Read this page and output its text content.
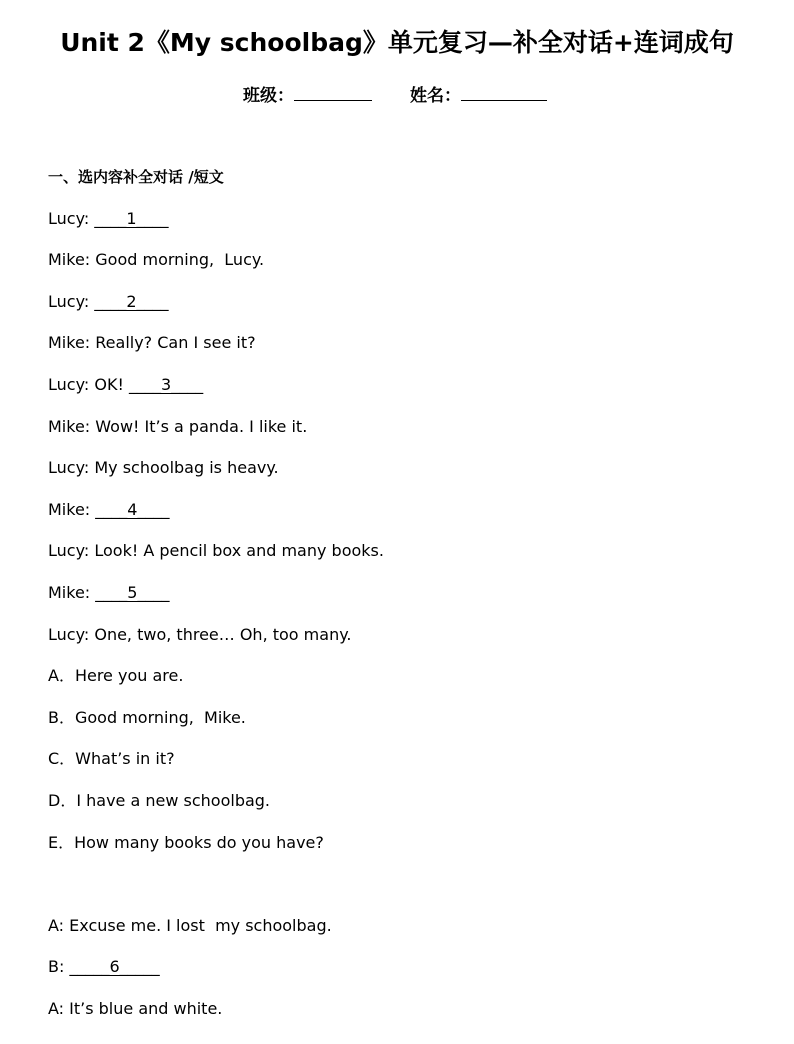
Unit 2《My schoolbag》单元复习—补全对话+连词成句
班级：	姓名：
一、选内容补全对话 /短文
Lucy: ____1____
Mike: Good morning,  Lucy.
Lucy: ____2____
Mike: Really? Can I see it?
Lucy: OK! ____3____
Mike: Wow! It’s a panda. I like it.
Lucy: My schoolbag is heavy.
Mike: ____4____
Lucy: Look! A pencil box and many books.
Mike: ____5____
Lucy: One, two, three… Oh, too many.
A．Here you are.
B．Good morning,  Mike.
C．What’s in it?
D．I have a new schoolbag.
E．How many books do you have?
A: Excuse me. I lost  my schoolbag.
B: _____6_____
A: It’s blue and white.
